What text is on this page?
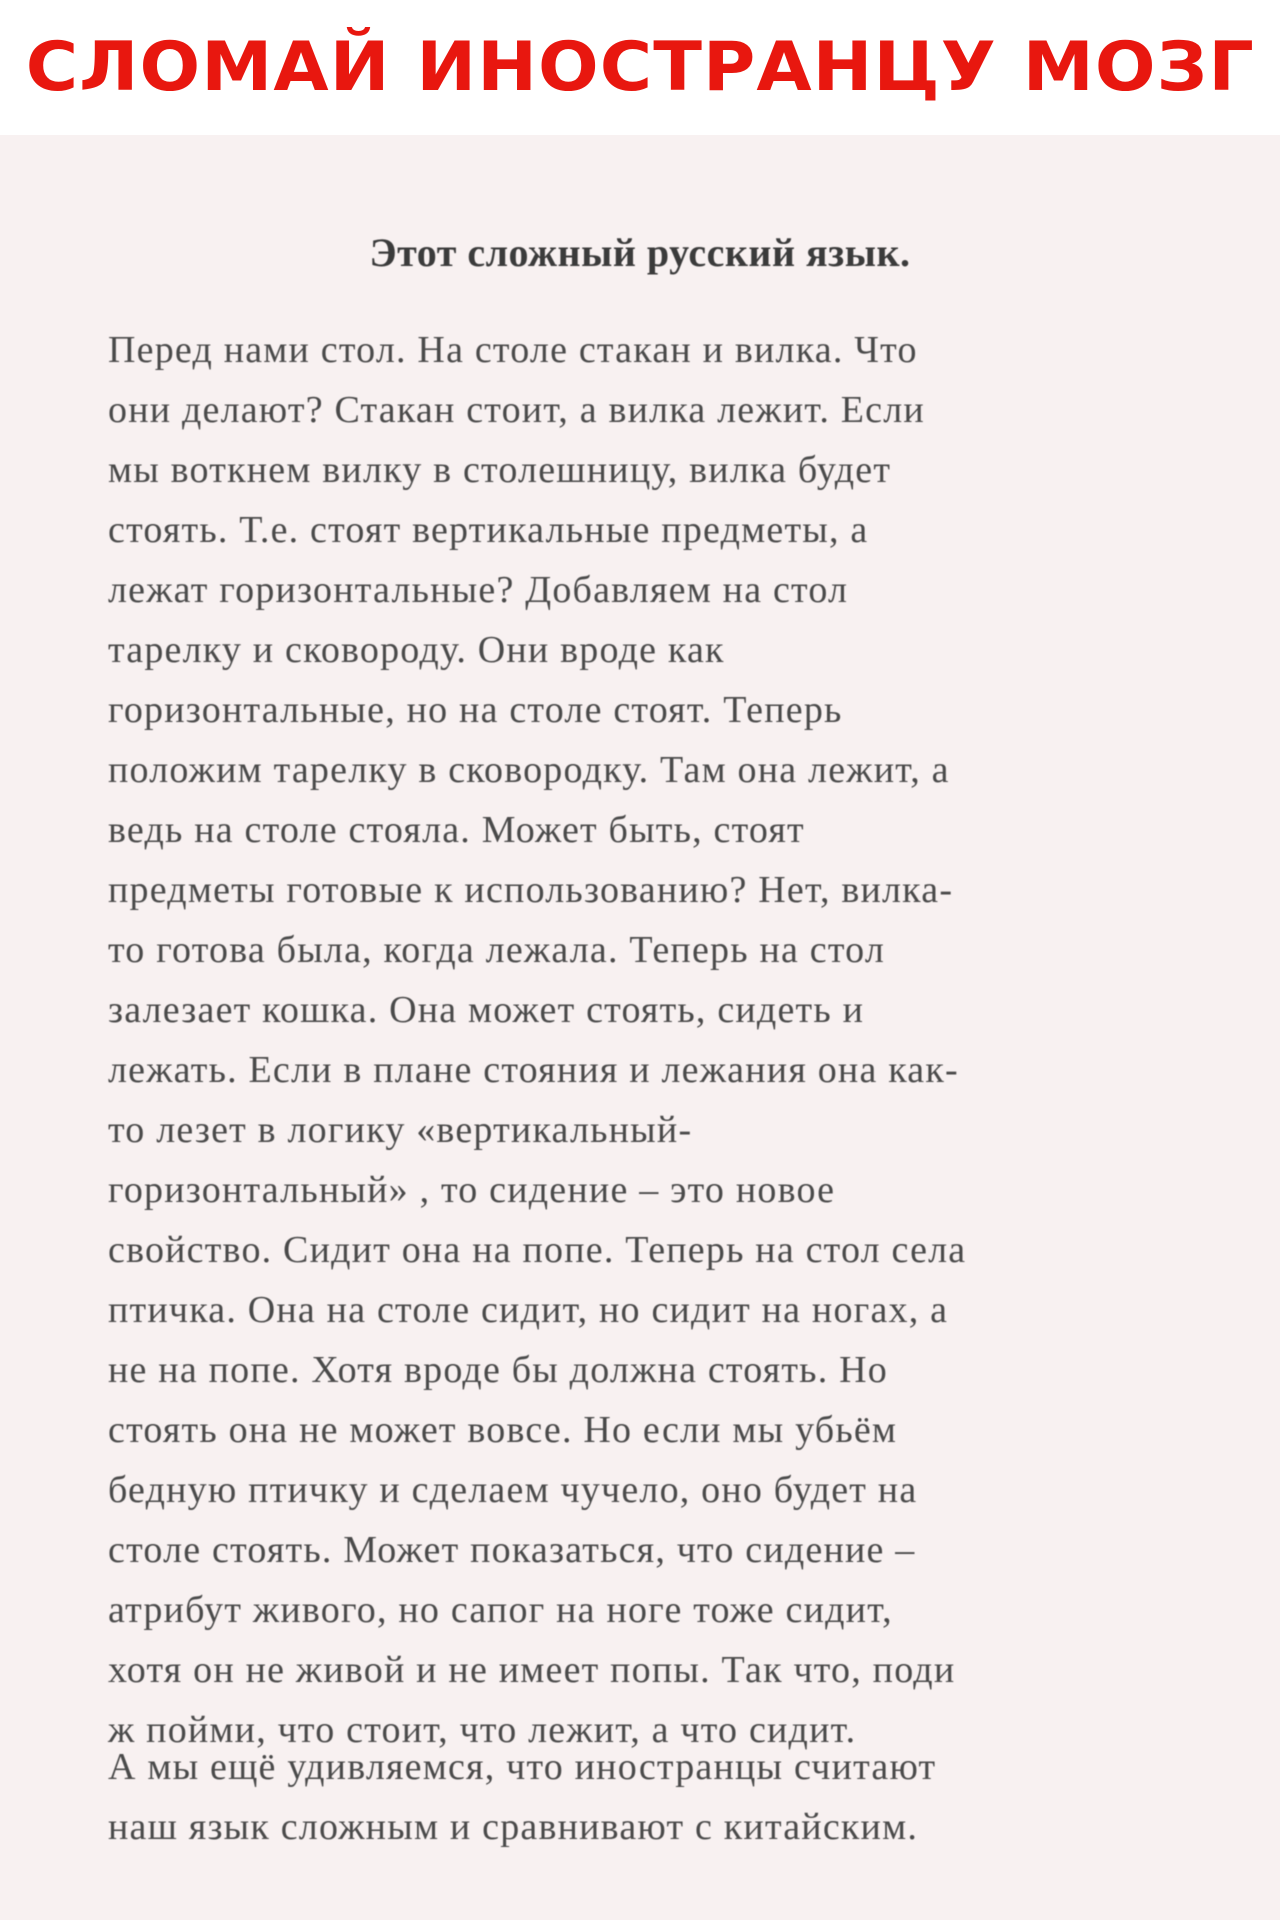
СЛОМАЙ ИНОСТРАНЦУ МОЗГ
Этот сложный русский язык.
Перед нами стол. На столе стакан и вилка. Что
они делают? Стакан стоит, а вилка лежит. Если
мы воткнем вилку в столешницу, вилка будет
стоять. Т.е. стоят вертикальные предметы, а
лежат горизонтальные? Добавляем на стол
тарелку и сковороду. Они вроде как
горизонтальные, но на столе стоят. Теперь
положим тарелку в сковородку. Там она лежит, а
ведь на столе стояла. Может быть, стоят
предметы готовые к использованию? Нет, вилка-
то готова была, когда лежала. Теперь на стол
залезает кошка. Она может стоять, сидеть и
лежать. Если в плане стояния и лежания она как-
то лезет в логику «вертикальный-
горизонтальный» , то сидение – это новое
свойство. Сидит она на попе. Теперь на стол села
птичка. Она на столе сидит, но сидит на ногах, а
не на попе. Хотя вроде бы должна стоять. Но
стоять она не может вовсе. Но если мы убьём
бедную птичку и сделаем чучело, оно будет на
столе стоять. Может показаться, что сидение –
атрибут живого, но сапог на ноге тоже сидит,
хотя он не живой и не имеет попы. Так что, поди
ж пойми, что стоит, что лежит, а что сидит.
А мы ещё удивляемся, что иностранцы считают
наш язык сложным и сравнивают с китайским.
